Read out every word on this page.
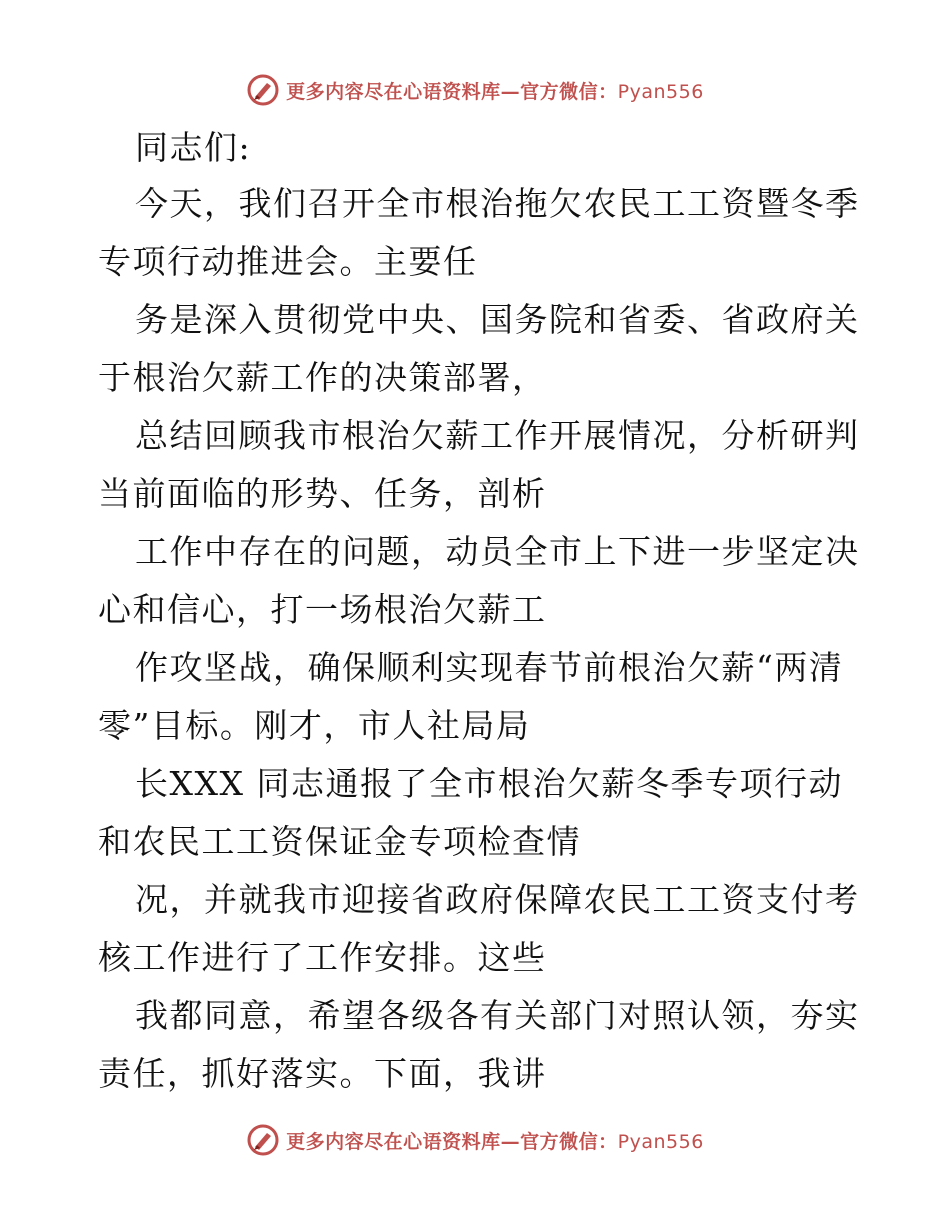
更多内容尽在心语资料库—官方微信：Pyan556
同志们:
今天，我们召开全市根治拖欠农民工工资暨冬季
专项行动推进会。主要任
务是深入贯彻党中央、国务院和省委、省政府关
于根治欠薪工作的决策部署，
总结回顾我市根治欠薪工作开展情况，分析研判
当前面临的形势、任务，剖析
工作中存在的问题，动员全市上下进一步坚定决
心和信心，打一场根治欠薪工
作攻坚战，确保顺利实现春节前根治欠薪“两清
零”目标。刚才，市人社局局
长XXX 同志通报了全市根治欠薪冬季专项行动
和农民工工资保证金专项检查情
况，并就我市迎接省政府保障农民工工资支付考
核工作进行了工作安排。这些
我都同意，希望各级各有关部门对照认领，夯实
责任，抓好落实。下面，我讲
更多内容尽在心语资料库—官方微信：Pyan556
